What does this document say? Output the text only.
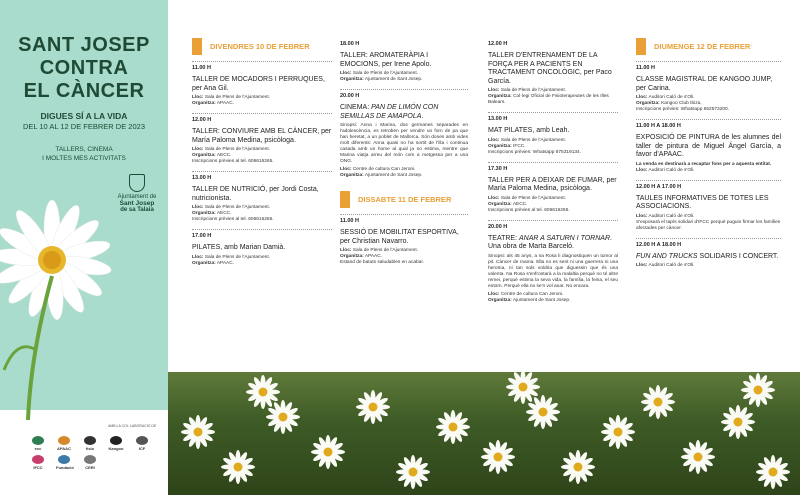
SANT JOSEP
CONTRA
EL CÀNCER
DIGUES SÍ A LA VIDA
DEL 10 AL 12 DE FEBRER DE 2023
TALLERS, CINEMA
I MOLTES MES ACTIVITATS
Ajuntament de
Sant Josep
de sa Talaia
AMB LA COL·LABORACIÓ DE
ecc	APAAC	fisio	Kangoo	ICF
IFCC	Fundació	CERI
DIVENDRES 10 DE FEBRER
11.00 H
TALLER DE MOCADORS I PERRUQUES, per Ana Gil.
Lloc: Sala de Plens de l'Ajuntament.
Organitza: APAAC.
12.00 H
TALLER: CONVIURE AMB EL CÀNCER, per María Paloma Medina, psicòloga.
Lloc: Sala de Plens de l'Ajuntament.
Organitza: AECC.
Inscripcions prèvies al tel. 606616265.
13.00 H
TALLER DE NUTRICIÓ, per Jordi Costa, nutricionista.
Lloc: Sala de Plens de l'Ajuntament.
Organitza: AECC.
Inscripcions prèvies al tel. 606616265.
17.00 H
PILATES, amb Marian Damià.
Lloc: Sala de Plens de l'Ajuntament.
Organitza: APAAC.
18.00 H
TALLER: AROMATERÀPIA I EMOCIONS, per Irene Apolo.
Lloc: Sala de Plens de l'Ajuntament.
Organitza: Ajuntament de Sant Josep.
20.00 H
CINEMA: PAN DE LIMÓN CON SEMILLAS DE AMAPOLA.
Sinopsi: Anna i Marina, dos germanes separades en l'adolescència, es retroben per vendre un forn de pa que han heretat, a un poblet de Mallorca. Són dones amb vides molt diferents: Anna quasi no ha sortit de l'illa i continua casada amb un home al qual ja no estima, mentre que Marina viatja arreu del món com a metgessa per a una ONG.
Lloc: Centre de cultura Can Jeroni.
Organitza: Ajuntament de Sant Josep.
DISSABTE 11 DE FEBRER
11.00 H
SESSIÓ DE MOBILITAT ESPORTIVA, per Christian Navarro.
Lloc: Sala de Plens de l'Ajuntament.
Organitza: APAAC.
Estand de batuts saludables en acabar.
12.00 H
TALLER D'ENTRENAMENT DE LA FORÇA PER A PACIENTS EN TRACTAMENT ONCOLÒGIC, per Paco García.
Lloc: Sala de Plens de l'Ajuntament.
Organitza: Col·legi Oficial de Fisioterapeutes de les Illes Balears.
13.00 H
MAT PILATES, amb Leah.
Lloc: Sala de Plens de l'Ajuntament.
Organitza: IFCC.
Inscripcions prèvies: Whatsapp 675319134.
17.30 H
TALLER PER A DEIXAR DE FUMAR, per María Paloma Medina, psicòloga.
Lloc: Sala de Plens de l'Ajuntament.
Organitza: AECC.
Inscripcions prèvies al tel. 606616265.
20.00 H
TEATRE: ANAR A SATURN I TORNAR. Una obra de Marta Barceló.
Sinopsi: als 45 anys, a na Rosa li diagnostiquen un tumor al pit. Càncer de mama. Ella no es sent ni una guerrera ni una heroïna, ni tan sols voldria que diguessin que és una valenta. Na Rosa s'enfrontarà a la malaltia perquè no té altre remei, perquè estima la seva vida, la família, la feina, el seu entorn. Perquè ella no se'n vol anar. No encara.
Lloc: Centre de cultura Can Jeroni.
Organitza: Ajuntament de Sant Josep.
DIUMENGE 12 DE FEBRER
11.00 H
CLASSE MAGISTRAL DE KANGOO JUMP, per Carina.
Lloc: Auditori Caló de s'Oli.
Organitza: Kangoo Club Ibiza.
Inscripcions prèvies: Whatsapp 652573200.
11.00 H A 18.00 H
EXPOSICIÓ DE PINTURA de les alumnes del taller de pintura de Miguel Ángel García, a favor d'APAAC.
La venda es destinarà a recaptar fons per a aquesta entitat.
Lloc: Auditori Caló de s'Oli.
12.00 H A 17.00 H
TAULES INFORMATIVES DE TOTES LES ASSOCIACIONS.
Lloc: Auditori Caló de s'Oli.
S'exposarà el tapís solidari d'IFCC perquè puguin firmar les famílies afectades per càncer.
12.00 H A 18.00 H
FUN AND TRUCKS SOLIDARIS I CONCERT.
Lloc: Auditori Caló de s'Oli.
